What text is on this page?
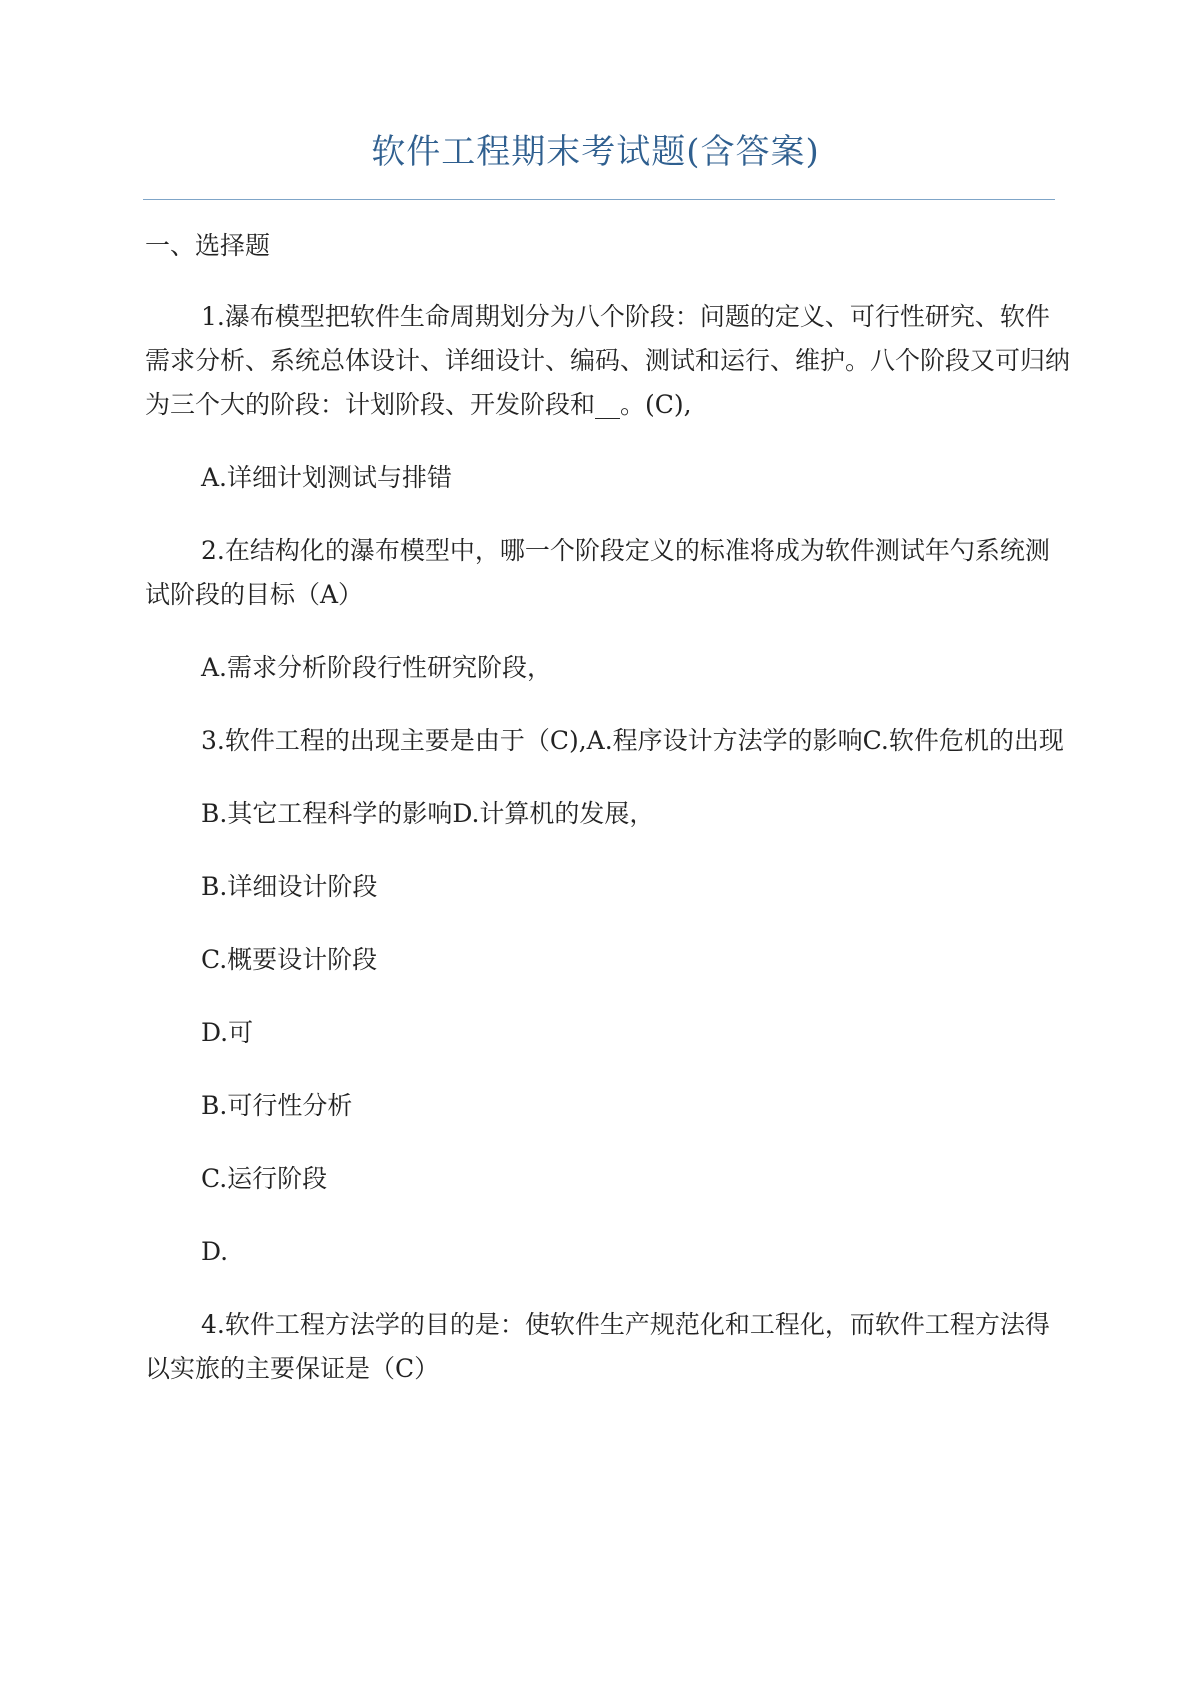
软件工程期末考试题(含答案)

一、选择题

1.瀑布模型把软件生命周期划分为八个阶段：问题的定义、可行性研究、软件需求分析、系统总体设计、详细设计、编码、测试和运行、维护。八个阶段又可归纳为三个大的阶段：计划阶段、开发阶段和__。(C),

A.详细计划测试与排错

2.在结构化的瀑布模型中，哪一个阶段定义的标准将成为软件测试年勺系统测试阶段的目标（A）

A.需求分析阶段行性研究阶段，

3.软件工程的出现主要是由于（C),A.程序设计方法学的影响C.软件危机的出现

B.其它工程科学的影响D.计算机的发展，

B.详细设计阶段

C.概要设计阶段

D.可

B.可行性分析

C.运行阶段

D.

4.软件工程方法学的目的是：使软件生产规范化和工程化，而软件工程方法得以实旅的主要保证是（C）
